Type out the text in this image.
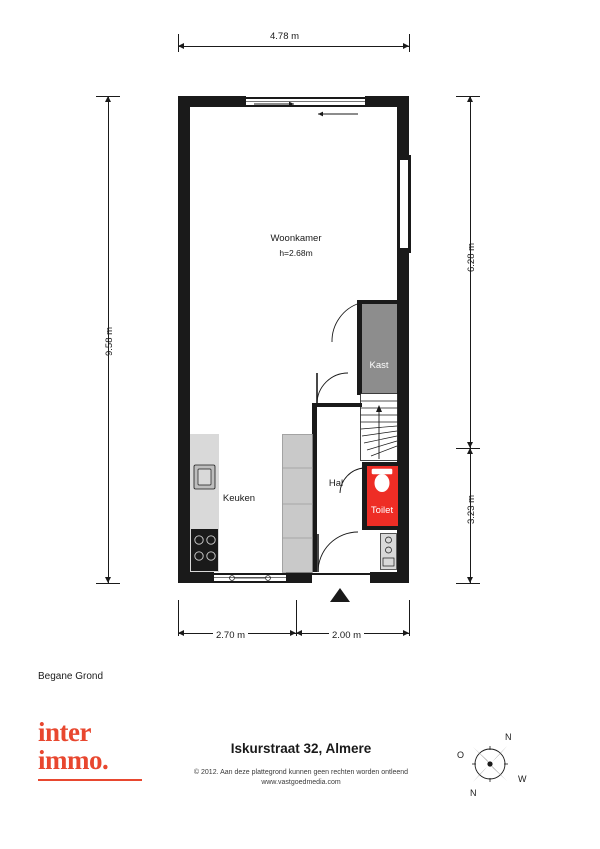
4.78 m
9.58 m
6.28 m
3.23 m
2.70 m	2.00 m
Woonkamer
h=2.68m
Kast
Hal
Toilet
Keuken
Begane Grond
inter
immo.	Iskurstraat 32, Almere
© 2012. Aan deze plattegrond kunnen geen rechten worden ontleend
www.vastgoedmedia.com
N
O
W
N
